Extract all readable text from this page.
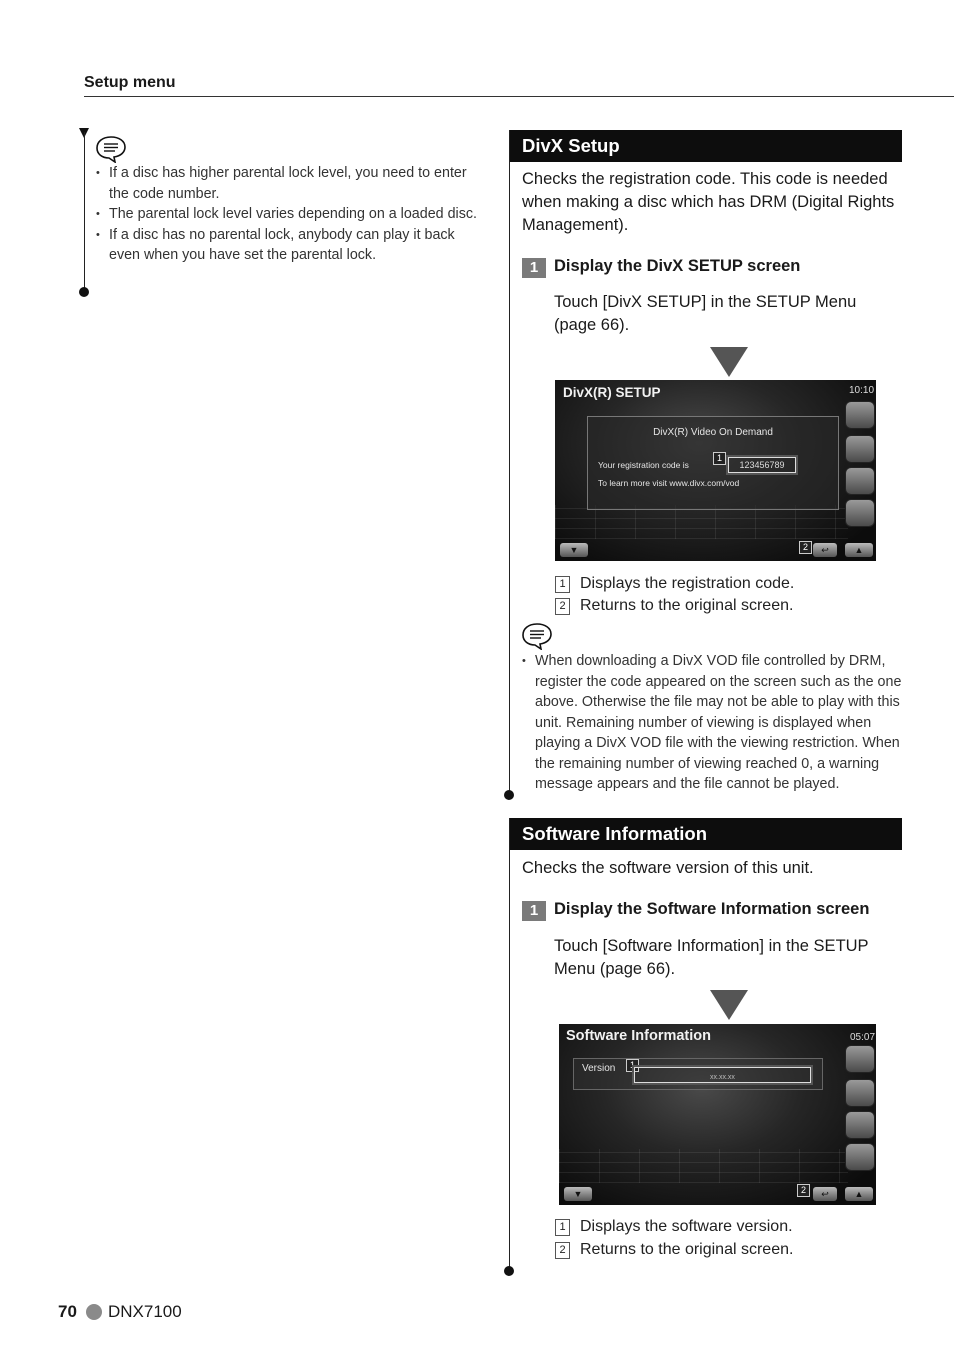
Setup menu
• If a disc has higher parental lock level, you need to enter the code number.
• The parental lock level varies depending on a loaded disc.
• If a disc has no parental lock, anybody can play it back even when you have set the parental lock.
DivX Setup
Checks the registration code. This code is needed when making a disc which has DRM (Digital Rights Management).
1 Display the DivX SETUP screen
Touch [DivX SETUP] in the SETUP Menu (page 66).
DivX(R) SETUP	10:10
DivX(R) Video On Demand
Your registration code is
1
123456789
To learn more visit www.divx.com/vod
▼	2	↩	▲
1 Displays the registration code.
2 Returns to the original screen.
• When downloading a DivX VOD file controlled by DRM, register the code appeared on the screen such as the one above. Otherwise the file may not be able to play with this unit. Remaining number of viewing is displayed when playing a DivX VOD file with the viewing restriction. When the remaining number of viewing reached 0, a warning message appears and the file cannot be played.
Software Information
Checks the software version of this unit.
1 Display the Software Information screen
Touch [Software Information] in the SETUP Menu (page 66).
Software Information	05:07
Version	1
xx.xx.xx
▼	2	↩	▲
1 Displays the software version.
2 Returns to the original screen.
70 DNX7100
